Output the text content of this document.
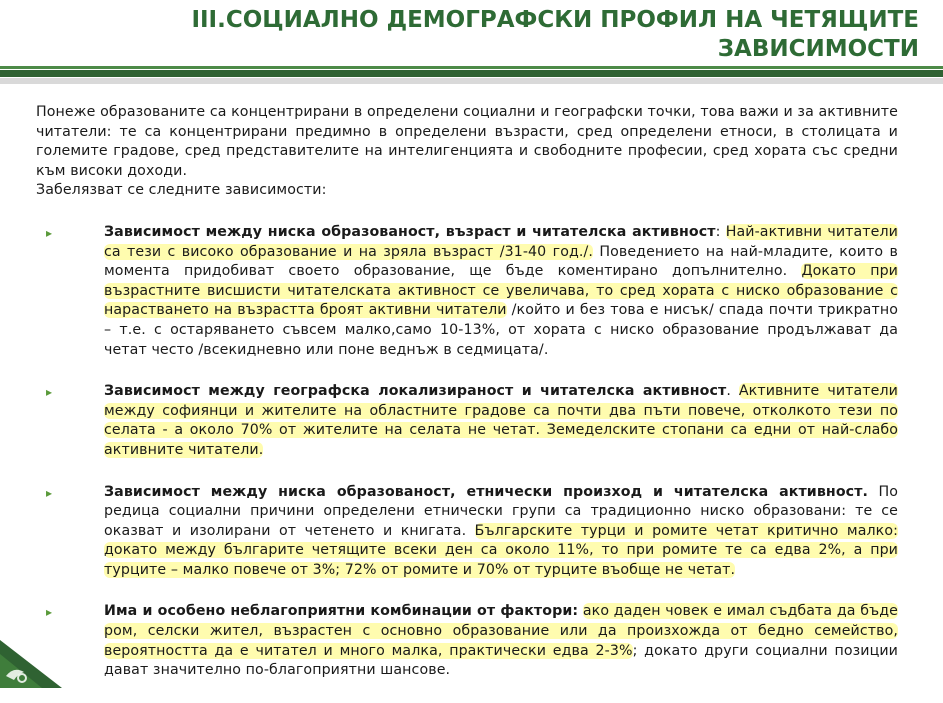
III.СОЦИАЛНО ДЕМОГРАФСКИ ПРОФИЛ НА ЧЕТЯЩИТЕ ЗАВИСИМОСТИ

Понеже образованите са концентрирани в определени социални и географски точки, това важи и за активните читатели: те са концентрирани предимно в определени възрасти, сред определени етноси, в столицата и големите градове, сред представителите на интелигенцията и свободните професии, сред хората със средни към високи доходи.

Забелязват се следните зависимости:

▸	Зависимост между ниска образованост, възраст и читателска активност: Най-активни читатели са тези с високо образование и на зряла възраст /31-40 год./. Поведението на най-младите, които в момента придобиват своето образование, ще бъде коментирано допълнително. Докато при възрастните висшисти читателската активност се увеличава, то сред хората с ниско образование с нарастването на възрастта броят активни читатели /който и без това е нисък/ спада почти трикратно – т.е. с остаряването съвсем малко,само 10-13%, от хората с ниско образование продължават да четат често /всекидневно или поне веднъж в седмицата/.

▸	Зависимост между географска локализираност и читателска активност. Активните читатели между софиянци и жителите на областните градове са почти два пъти повече, отколкото тези по селата - а около 70% от жителите на селата не четат. Земеделските стопани са едни от най-слабо активните читатели.

▸	Зависимост между ниска образованост, етнически произход и читателска активност. По редица социални причини определени етнически групи са традиционно ниско образовани: те се оказват и изолирани от четенето и книгата. Българските турци и ромите четат критично малко: докато между българите четящите всеки ден са около 11%, то при ромите те са едва 2%, а при турците – малко повече от 3%; 72% от ромите и 70% от турците въобще не четат.

▸	Има и особено неблагоприятни комбинации от фактори: ако даден човек е имал съдбата да бъде ром, селски жител, възрастен с основно образование или да произхожда от бедно семейство, вероятността да е читател и много малка, практически едва 2-3%; докато други социални позиции дават значително по-благоприятни шансове.
